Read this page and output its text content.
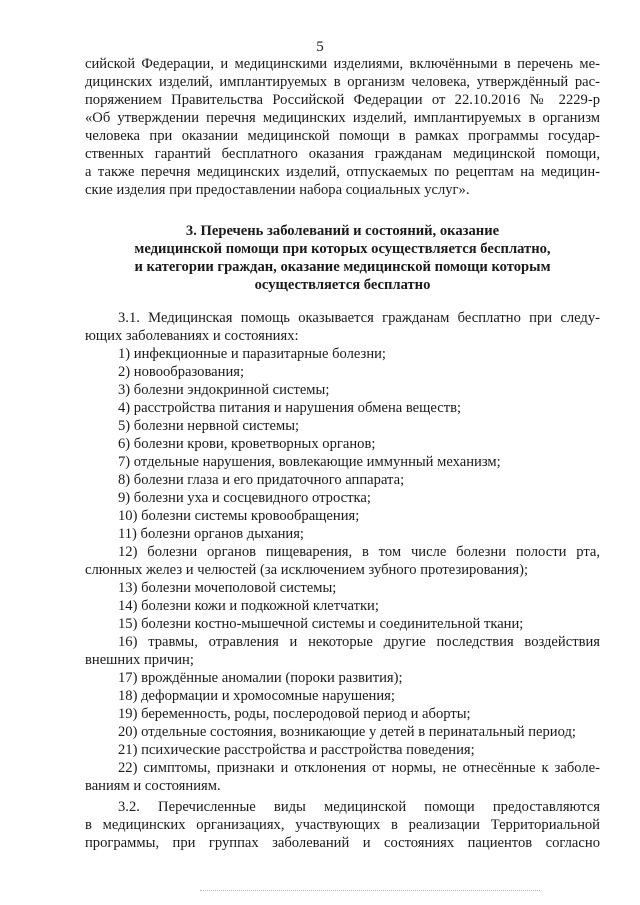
5
сийской Федерации, и медицинскими изделиями, включёнными в перечень ме-
дицинских изделий, имплантируемых в организм человека, утверждённый рас-
поряжением Правительства Российской Федерации от 22.10.2016 № 2229-р
«Об утверждении перечня медицинских изделий, имплантируемых в организм
человека при оказании медицинской помощи в рамках программы государ-
ственных гарантий бесплатного оказания гражданам медицинской помощи,
а также перечня медицинских изделий, отпускаемых по рецептам на медицин-
ские изделия при предоставлении набора социальных услуг».
3. Перечень заболеваний и состояний, оказание
медицинской помощи при которых осуществляется бесплатно,
и категории граждан, оказание медицинской помощи которым
осуществляется бесплатно
3.1. Медицинская помощь оказывается гражданам бесплатно при следу-
ющих заболеваниях и состояниях:
1) инфекционные и паразитарные болезни;
2) новообразования;
3) болезни эндокринной системы;
4) расстройства питания и нарушения обмена веществ;
5) болезни нервной системы;
6) болезни крови, кроветворных органов;
7) отдельные нарушения, вовлекающие иммунный механизм;
8) болезни глаза и его придаточного аппарата;
9) болезни уха и сосцевидного отростка;
10) болезни системы кровообращения;
11) болезни органов дыхания;
12) болезни органов пищеварения, в том числе болезни полости рта,
слюнных желез и челюстей (за исключением зубного протезирования);
13) болезни мочеполовой системы;
14) болезни кожи и подкожной клетчатки;
15) болезни костно-мышечной системы и соединительной ткани;
16) травмы, отравления и некоторые другие последствия воздействия
внешних причин;
17) врождённые аномалии (пороки развития);
18) деформации и хромосомные нарушения;
19) беременность, роды, послеродовой период и аборты;
20) отдельные состояния, возникающие у детей в перинатальный период;
21) психические расстройства и расстройства поведения;
22) симптомы, признаки и отклонения от нормы, не отнесённые к заболе-
ваниям и состояниям.
3.2. Перечисленные виды медицинской помощи предоставляются
в медицинских организациях, участвующих в реализации Территориальной
программы, при группах заболеваний и состояниях пациентов согласно
